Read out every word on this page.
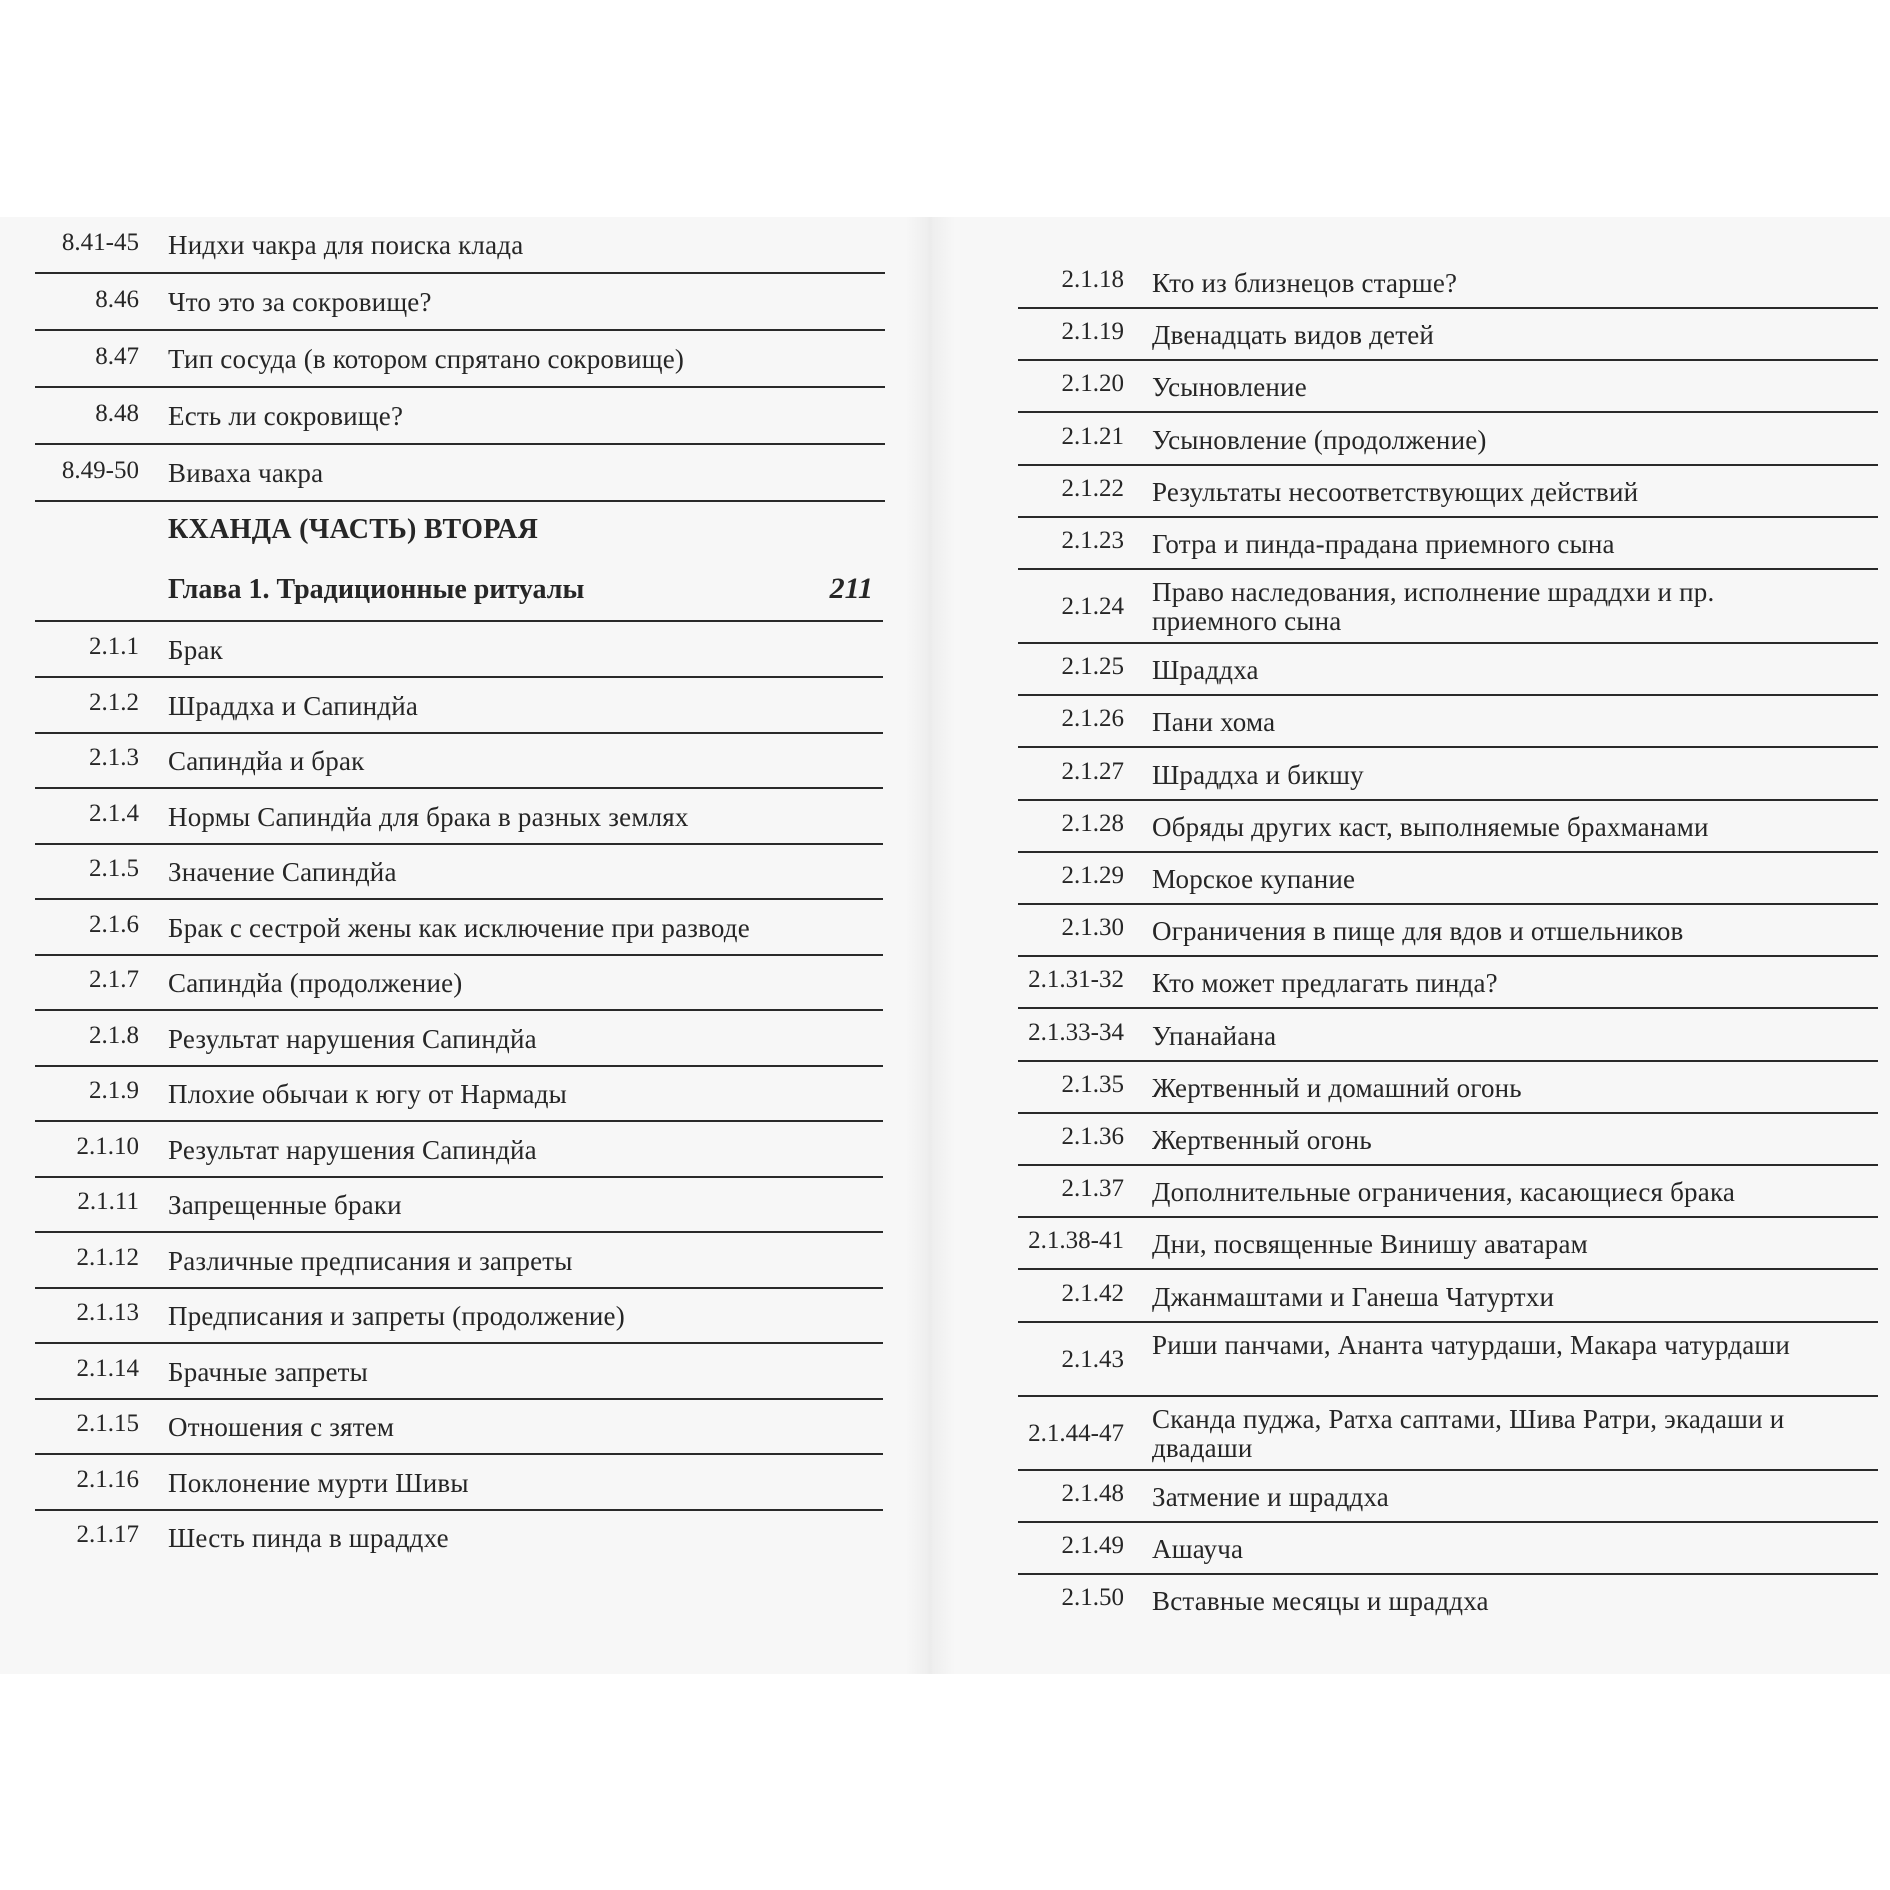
8.41-45 Нидхи чакра для поиска клада
8.46 Что это за сокровище?
8.47 Тип сосуда (в котором спрятано сокровище)
8.48 Есть ли сокровище?
8.49-50 Виваха чакра
КХАНДА (ЧАСТЬ) ВТОРАЯ
Глава 1. Традиционные ритуалы	211
2.1.1 Брак
2.1.2 Шраддха и Сапиндйа
2.1.3 Сапиндйа и брак
2.1.4 Нормы Сапиндйа для брака в разных землях
2.1.5 Значение Сапиндйа
2.1.6 Брак с сестрой жены как исключение при разводе
2.1.7 Сапиндйа (продолжение)
2.1.8 Результат нарушения Сапиндйа
2.1.9 Плохие обычаи к югу от Нармады
2.1.10 Результат нарушения Сапиндйа
2.1.11 Запрещенные браки
2.1.12 Различные предписания и запреты
2.1.13 Предписания и запреты (продолжение)
2.1.14 Брачные запреты
2.1.15 Отношения с зятем
2.1.16 Поклонение мурти Шивы
2.1.17 Шесть пинда в шраддхе
2.1.18 Кто из близнецов старше?
2.1.19 Двенадцать видов детей
2.1.20 Усыновление
2.1.21 Усыновление (продолжение)
2.1.22 Результаты несоответствующих действий
2.1.23 Готра и пинда-прадана приемного сына
2.1.24 Право наследования, исполнение шраддхи и пр. приемного сына
2.1.25 Шраддха
2.1.26 Пани хома
2.1.27 Шраддха и бикшу
2.1.28 Обряды других каст, выполняемые брахманами
2.1.29 Морское купание
2.1.30 Ограничения в пище для вдов и отшельников
2.1.31-32 Кто может предлагать пинда?
2.1.33-34 Упанайана
2.1.35 Жертвенный и домашний огонь
2.1.36 Жертвенный огонь
2.1.37 Дополнительные ограничения, касающиеся брака
2.1.38-41 Дни, посвященные Винишу аватарам
2.1.42 Джанмаштами и Ганеша Чатуртхи
2.1.43 Риши панчами, Ананта чатурдаши, Макара чатурдаши
2.1.44-47 Сканда пуджа, Ратха саптами, Шива Ратри, экадаши и двадаши
2.1.48 Затмение и шраддха
2.1.49 Ашауча
2.1.50 Вставные месяцы и шраддха
